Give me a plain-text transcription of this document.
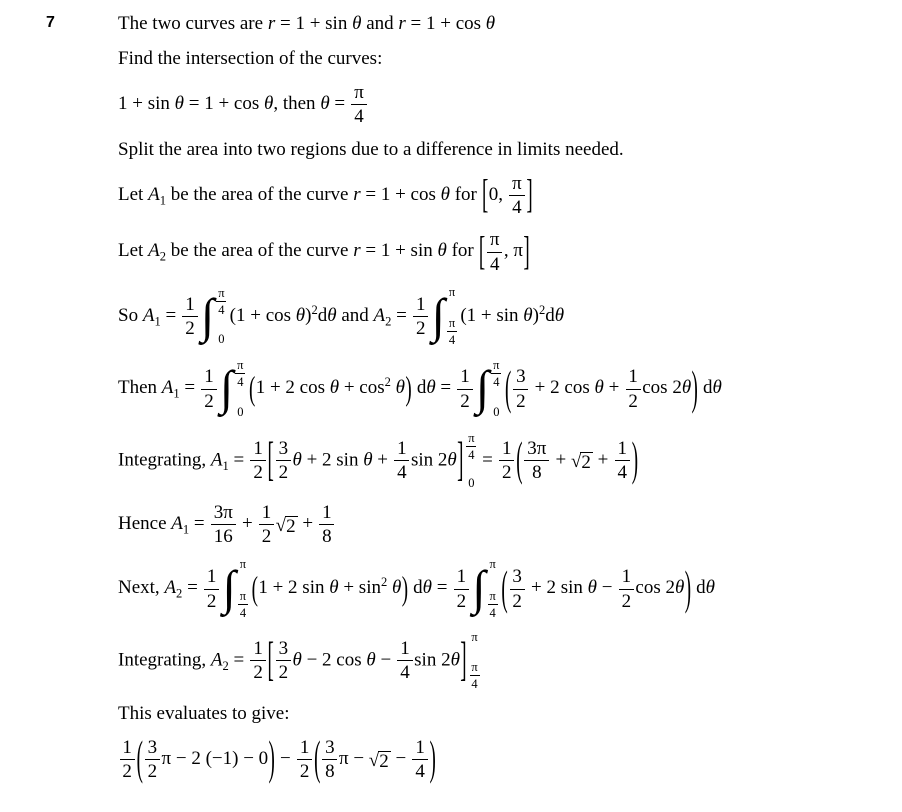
7	The two curves are r = 1 + sin θ and r = 1 + cos θ
Find the intersection of the curves:
1 + sin θ = 1 + cos θ, then $\theta = \frac{\pi}{4}$
Split the area into two regions due to a difference in limits needed.
Let $A_1$ be the area of the curve r = 1 + cos θ for [0, $\frac{\pi}{4}$ ]
Let $A_2$ be the area of the curve r = 1 + sin θ for [ $\frac{\pi}{4}$ , π]
So $A_1 = \frac{1}{2}$ ∫ $\frac{\pi}{4}$
0
$(1 + \cos \theta)^2d\theta$ and $A_2 = \frac{1}{2}$ ∫ π
$\frac{\pi}{4}$
$(1 + \sin \theta)^2d\theta$
Then $A_1 = \frac{1}{2}$ ∫ $\frac{\pi}{4}$
0
(1 + 2 $\cos \theta + \cos^2 \theta$) $d\theta = \frac{1}{2}$ ∫ $\frac{\pi}{4}$
0 ( $\frac{3}{2} + 2$ $\cos \theta + \frac{1}{2}$ cos 2θ) dθ
Integrating, $A_1 = \frac{1}{2}$ [ $\frac{3}{2}$ θ + 2 $\sin \theta + \frac{1}{4}$ $\sin 2\theta] \frac{\pi}{4}$
0
= $\frac{1}{2}$ ( $\frac{3\pi}{8}$ + √ $2 + \frac{1}{4}$ )
Hence $A_1 = \frac{3\pi}{16} + \frac{1}{2}$ √ $2 + \frac{1}{8}$
Next, $A_2 = \frac{1}{2}$ ∫ π
$\frac{\pi}{4} (1 + 2$ $\sin \theta + \sin^2 \theta$) $d\theta = \frac{1}{2}$ ∫ π
$\frac{\pi}{4}$ ( $\frac{3}{2} + 2$ $\sin \theta - \frac{1}{2}$ cos 2θ) dθ
Integrating, $A_2 = \frac{1}{2}$ [ $\frac{3}{2}$ θ − 2 $\cos \theta - \frac{1}{4}$ sin 2θ] π
$\frac{\pi}{4}$
This evaluates to give:
$\frac{1}{2}$ ( $\frac{3}{2}$ π − 2 $(-1) - 0) - \frac{1}{2}$ ( $\frac{3}{8}$ π − √ $2 - \frac{1}{4}$ )
